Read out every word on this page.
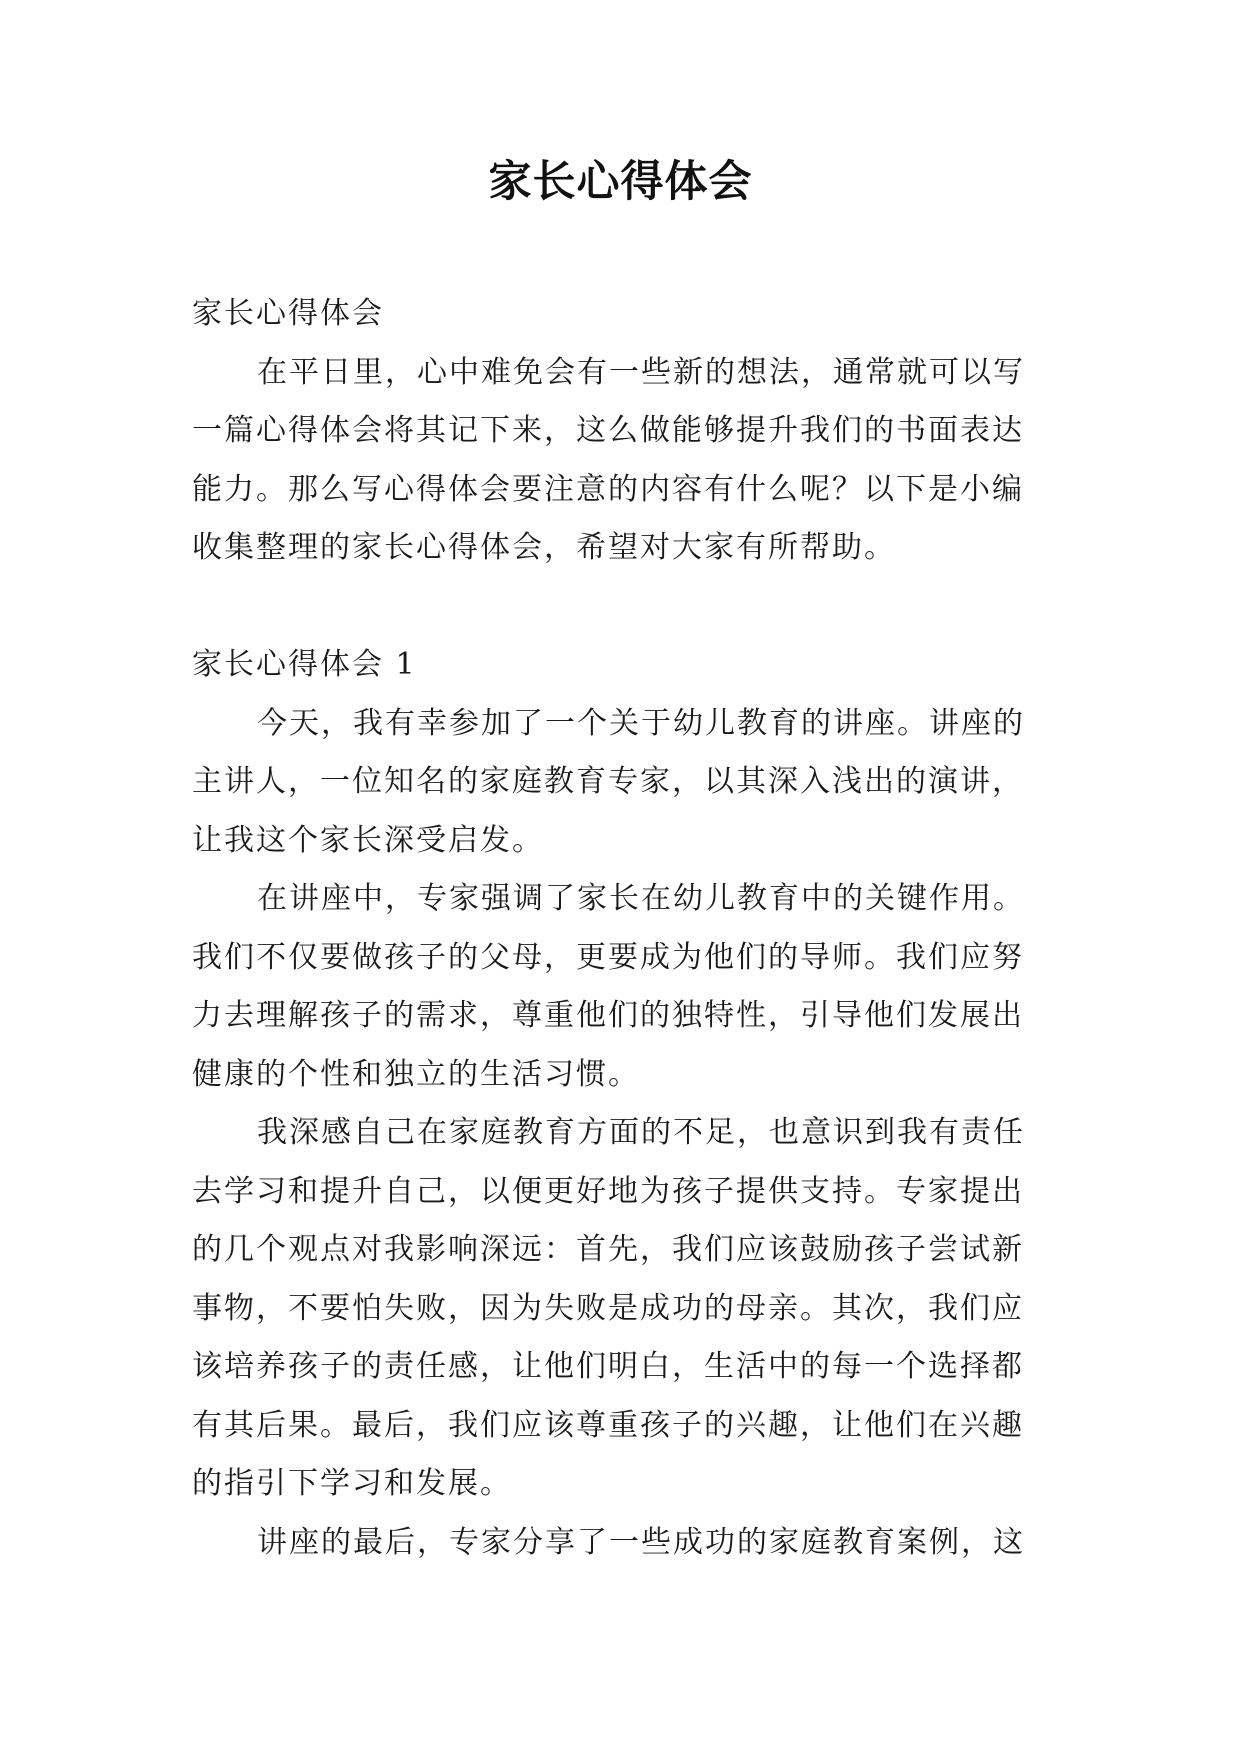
家长心得体会
家长心得体会
在平日里，心中难免会有一些新的想法，通常就可以写
一篇心得体会将其记下来，这么做能够提升我们的书面表达
能力。那么写心得体会要注意的内容有什么呢？以下是小编
收集整理的家长心得体会，希望对大家有所帮助。
家长心得体会 1
今天，我有幸参加了一个关于幼儿教育的讲座。讲座的
主讲人，一位知名的家庭教育专家，以其深入浅出的演讲，
让我这个家长深受启发。
在讲座中，专家强调了家长在幼儿教育中的关键作用。
我们不仅要做孩子的父母，更要成为他们的导师。我们应努
力去理解孩子的需求，尊重他们的独特性，引导他们发展出
健康的个性和独立的生活习惯。
我深感自己在家庭教育方面的不足，也意识到我有责任
去学习和提升自己，以便更好地为孩子提供支持。专家提出
的几个观点对我影响深远：首先，我们应该鼓励孩子尝试新
事物，不要怕失败，因为失败是成功的母亲。其次，我们应
该培养孩子的责任感，让他们明白，生活中的每一个选择都
有其后果。最后，我们应该尊重孩子的兴趣，让他们在兴趣
的指引下学习和发展。
讲座的最后，专家分享了一些成功的家庭教育案例，这
